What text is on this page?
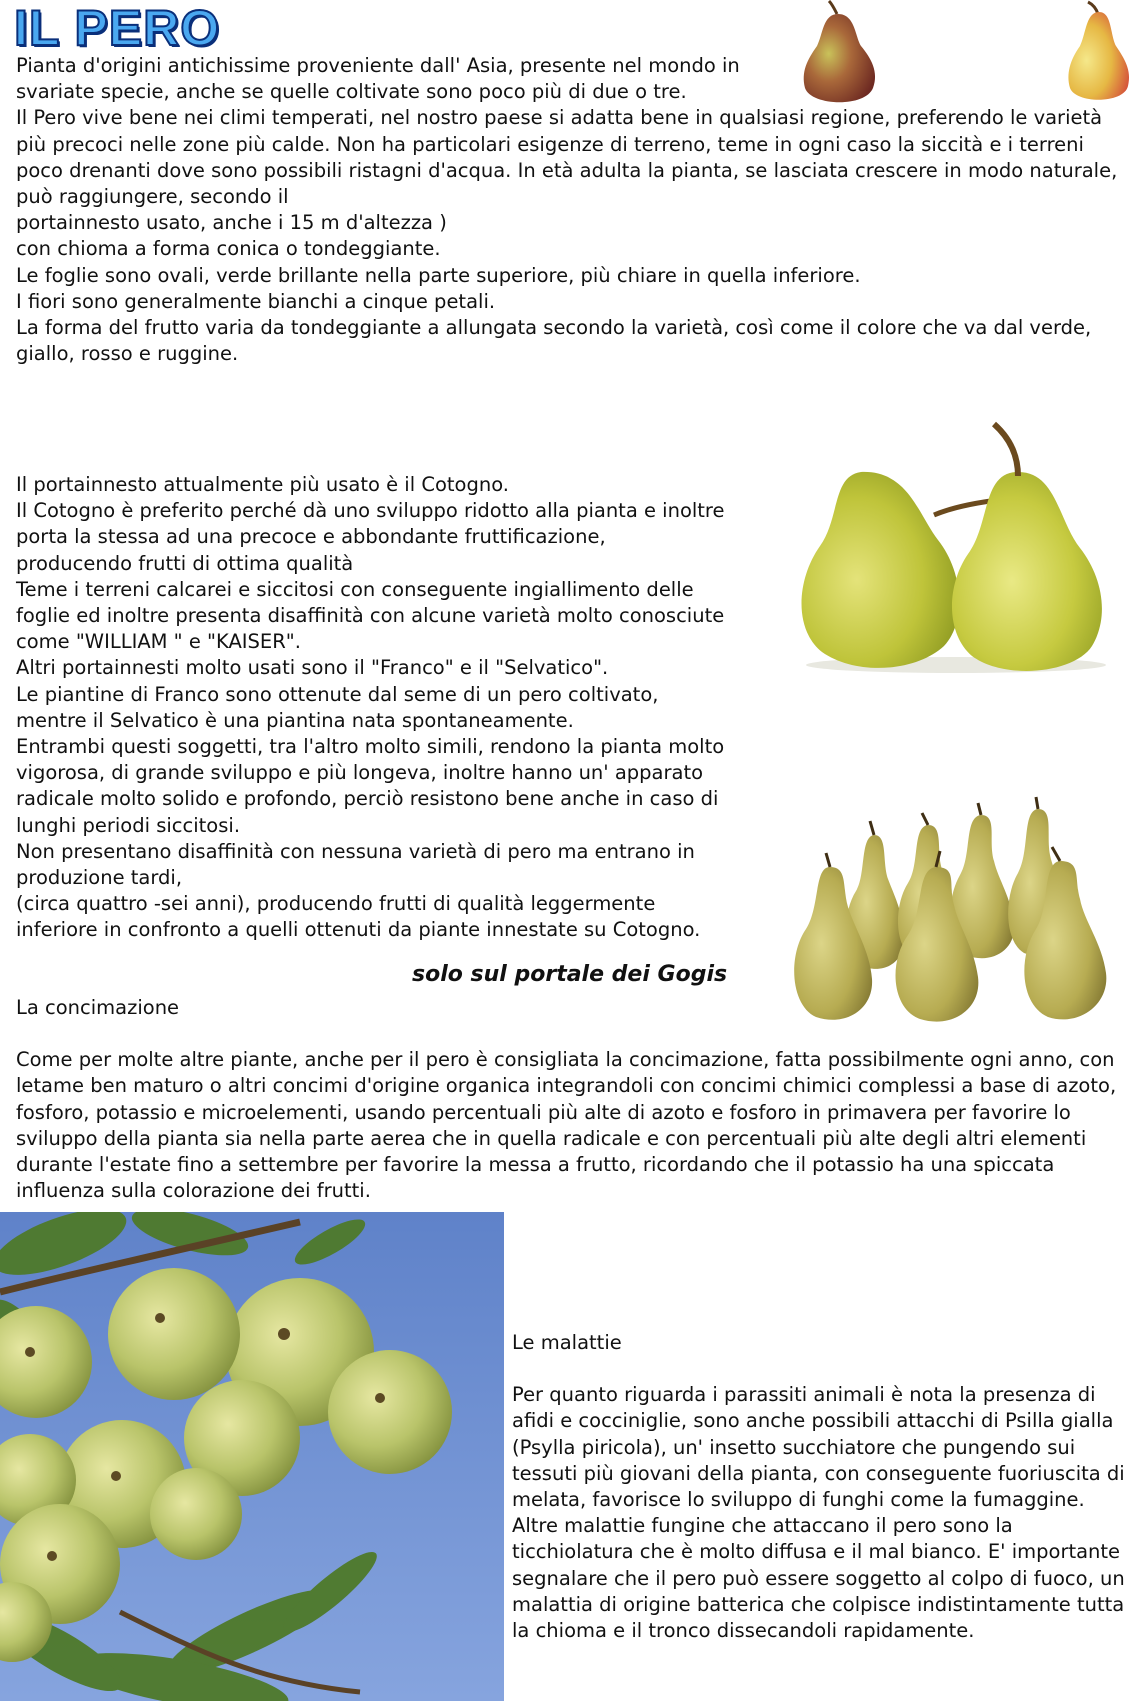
IL PERO

Pianta d'origini antichissime proveniente dall' Asia, presente nel mondo in
svariate specie, anche se quelle coltivate sono poco più di due o tre.

Il Pero vive bene nei climi temperati, nel nostro paese si adatta bene in qualsiasi regione, preferendo le varietà più precoci nelle zone più calde. Non ha particolari esigenze di terreno, teme in ogni caso la siccità e i terreni poco drenanti dove sono possibili ristagni d'acqua. In età adulta la pianta, se lasciata crescere in modo naturale, può raggiungere, secondo il
portainnesto usato, anche i 15 m d'altezza )
con chioma a forma conica o tondeggiante.

Le foglie sono ovali, verde brillante nella parte superiore, più chiare in quella inferiore.

I fiori sono generalmente bianchi a cinque petali.

La forma del frutto varia da tondeggiante a allungata secondo la varietà, così come il colore che va dal verde, giallo, rosso e ruggine.

Il portainnesto attualmente più usato è il Cotogno.

Il Cotogno è preferito perché dà uno sviluppo ridotto alla pianta e inoltre
porta la stessa ad una precoce e abbondante fruttificazione,
producendo frutti di ottima qualità

Teme i terreni calcarei e siccitosi con conseguente ingiallimento delle
foglie ed inoltre presenta disaffinità con alcune varietà molto conosciute
come "WILLIAM " e "KAISER".

Altri portainnesti molto usati sono il "Franco" e il "Selvatico".

Le piantine di Franco sono ottenute dal seme di un pero coltivato,
mentre il Selvatico è una piantina nata spontaneamente.

Entrambi questi soggetti, tra l'altro molto simili, rendono la pianta molto
vigorosa, di grande sviluppo e più longeva, inoltre hanno un' apparato
radicale molto solido e profondo, perciò resistono bene anche in caso di
lunghi periodi siccitosi.

Non presentano disaffinità con nessuna varietà di pero ma entrano in
produzione tardi,
(circa quattro -sei anni), producendo frutti di qualità leggermente
inferiore in confronto a quelli ottenuti da piante innestate su Cotogno.

solo sul portale dei Gogis

La concimazione

Come per molte altre piante, anche per il pero è consigliata la concimazione, fatta possibilmente ogni anno, con letame ben maturo o altri concimi d'origine organica integrandoli con concimi chimici complessi a base di azoto, fosforo, potassio e microelementi, usando percentuali più alte di azoto e fosforo in primavera per favorire lo sviluppo della pianta sia nella parte aerea che in quella radicale e con percentuali più alte degli altri elementi durante l'estate fino a settembre per favorire la messa a frutto, ricordando che il potassio ha una spiccata influenza sulla colorazione dei frutti.

Le malattie

Per quanto riguarda i parassiti animali è nota la presenza di afidi e cocciniglie, sono anche possibili attacchi di Psilla gialla (Psylla piricola), un' insetto succhiatore che pungendo sui tessuti più giovani della pianta, con conseguente fuoriuscita di melata, favorisce lo sviluppo di funghi come la fumaggine. Altre malattie fungine che attaccano il pero sono la ticchiolatura che è molto diffusa e il mal bianco. E' importante segnalare che il pero può essere soggetto al colpo di fuoco, un malattia di origine batterica che colpisce indistintamente tutta la chioma e il tronco dissecandoli rapidamente.
